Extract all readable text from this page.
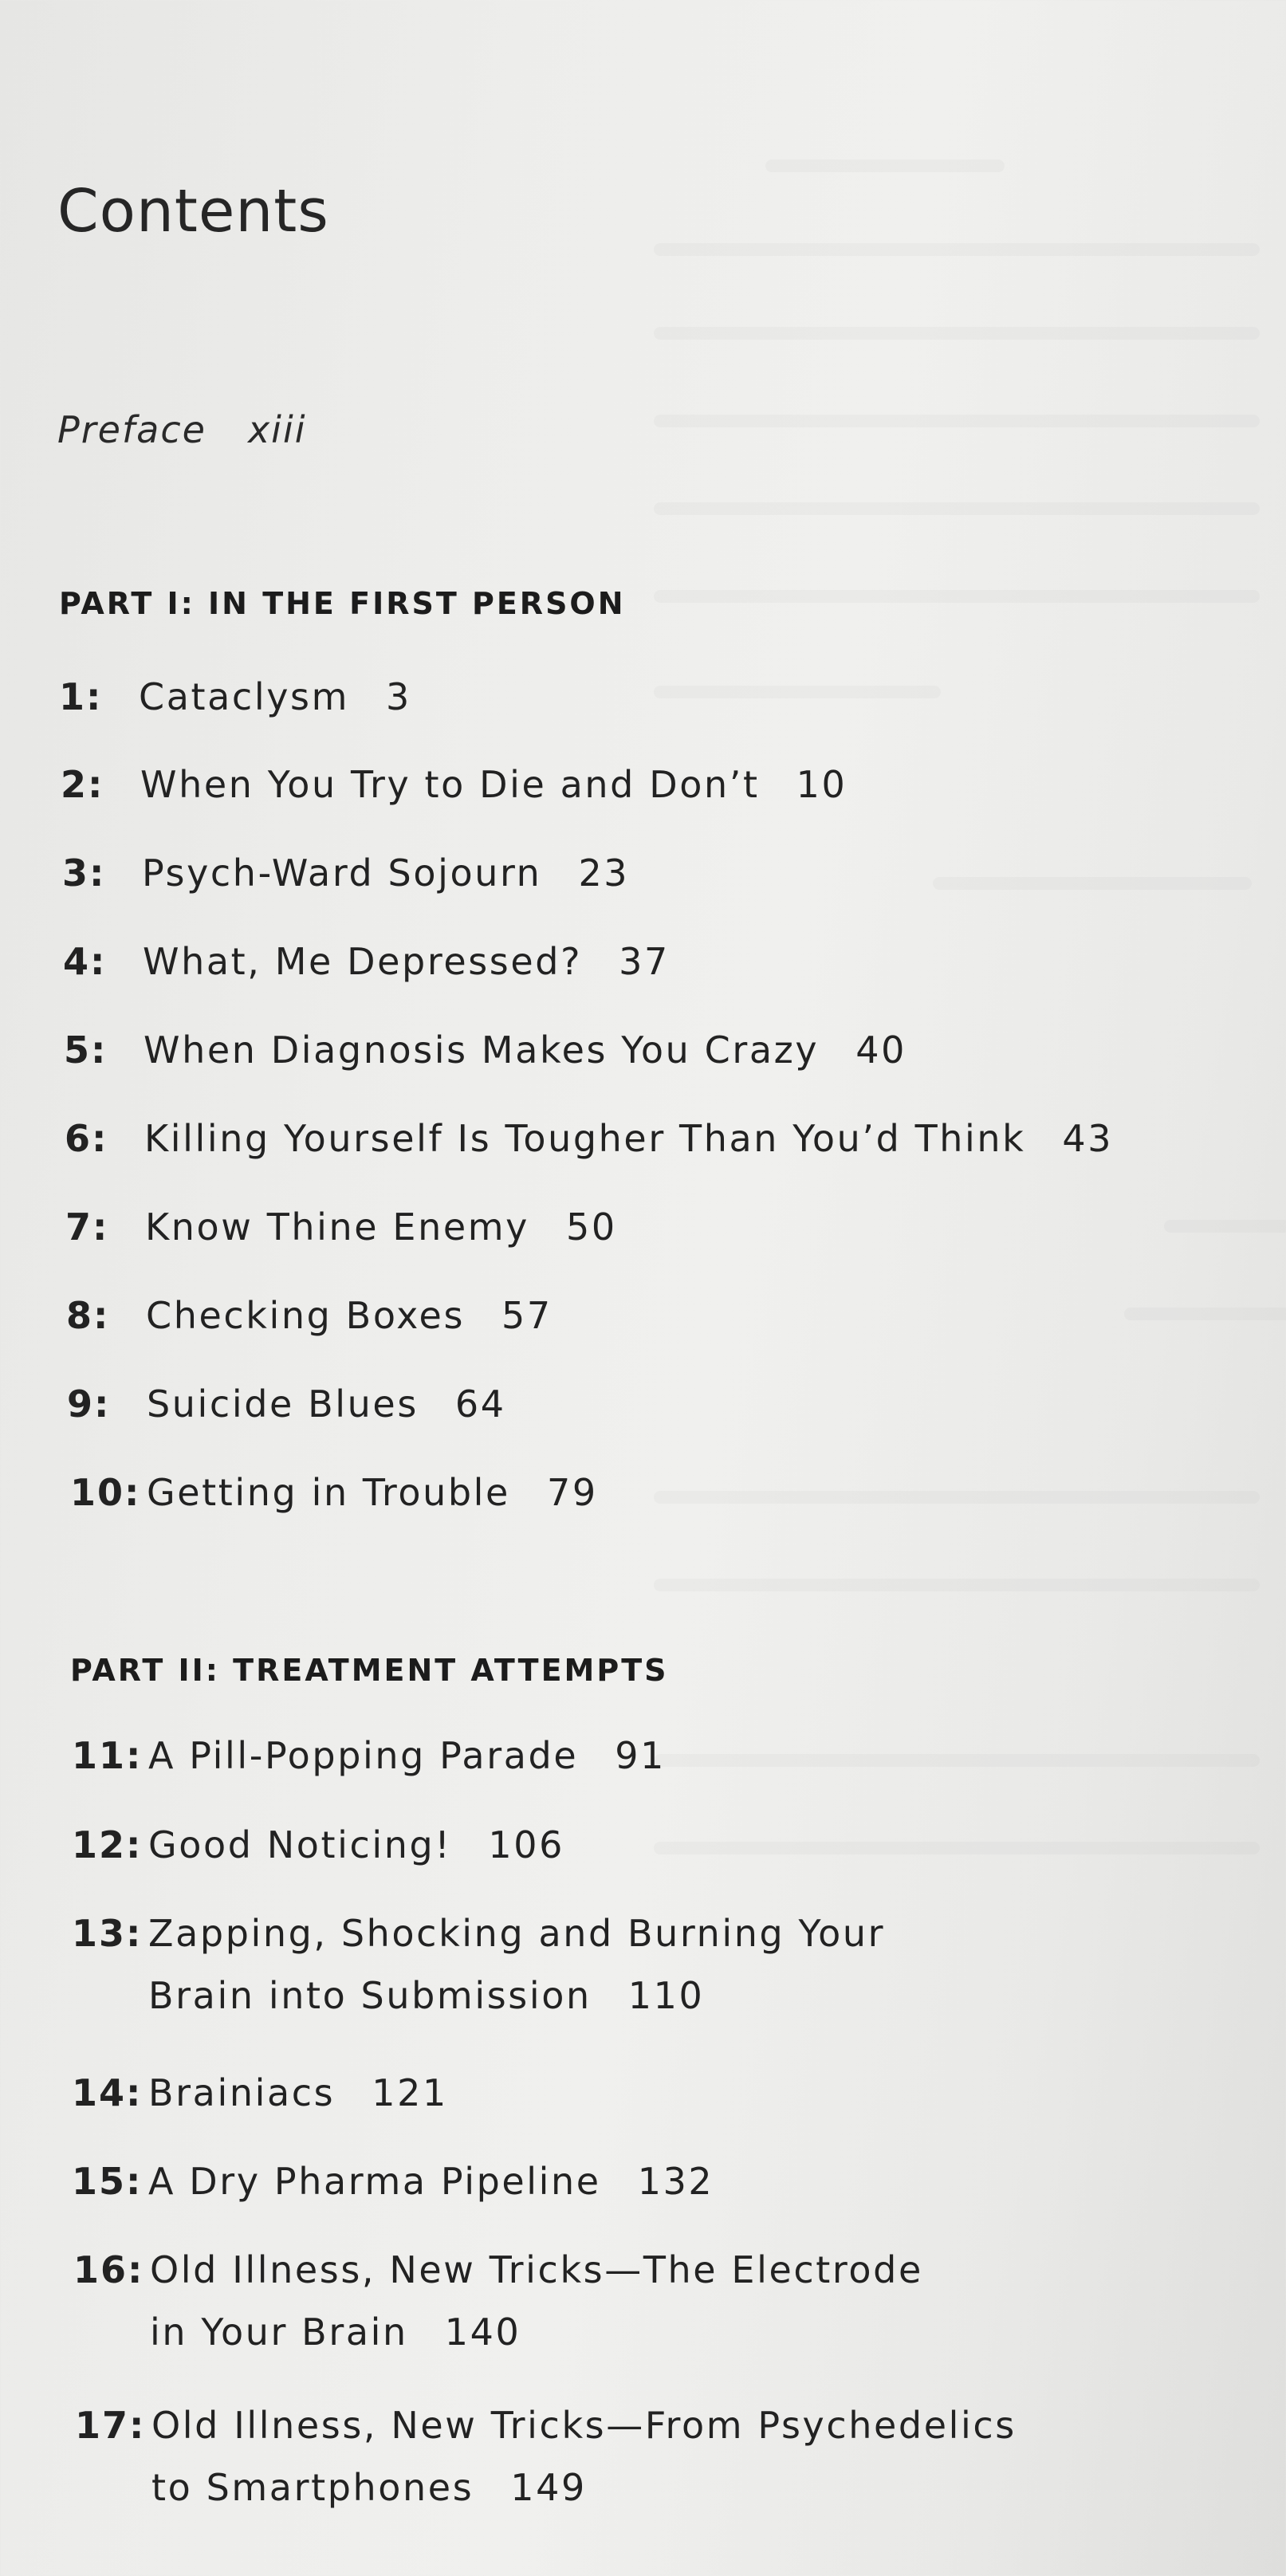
Contents
Preface xiii
PART I: IN THE FIRST PERSON
1: Cataclysm 3
2: When You Try to Die and Don’t 10
3: Psych-Ward Sojourn 23
4: What, Me Depressed? 37
5: When Diagnosis Makes You Crazy 40
6: Killing Yourself Is Tougher Than You’d Think 43
7: Know Thine Enemy 50
8: Checking Boxes 57
9: Suicide Blues 64
10: Getting in Trouble 79
PART II: TREATMENT ATTEMPTS
11: A Pill-Popping Parade 91
12: Good Noticing! 106
13: Zapping, Shocking and Burning Your
Brain into Submission 110
14: Brainiacs 121
15: A Dry Pharma Pipeline 132
16: Old Illness, New Tricks—The Electrode
in Your Brain 140
17: Old Illness, New Tricks—From Psychedelics
to Smartphones 149
